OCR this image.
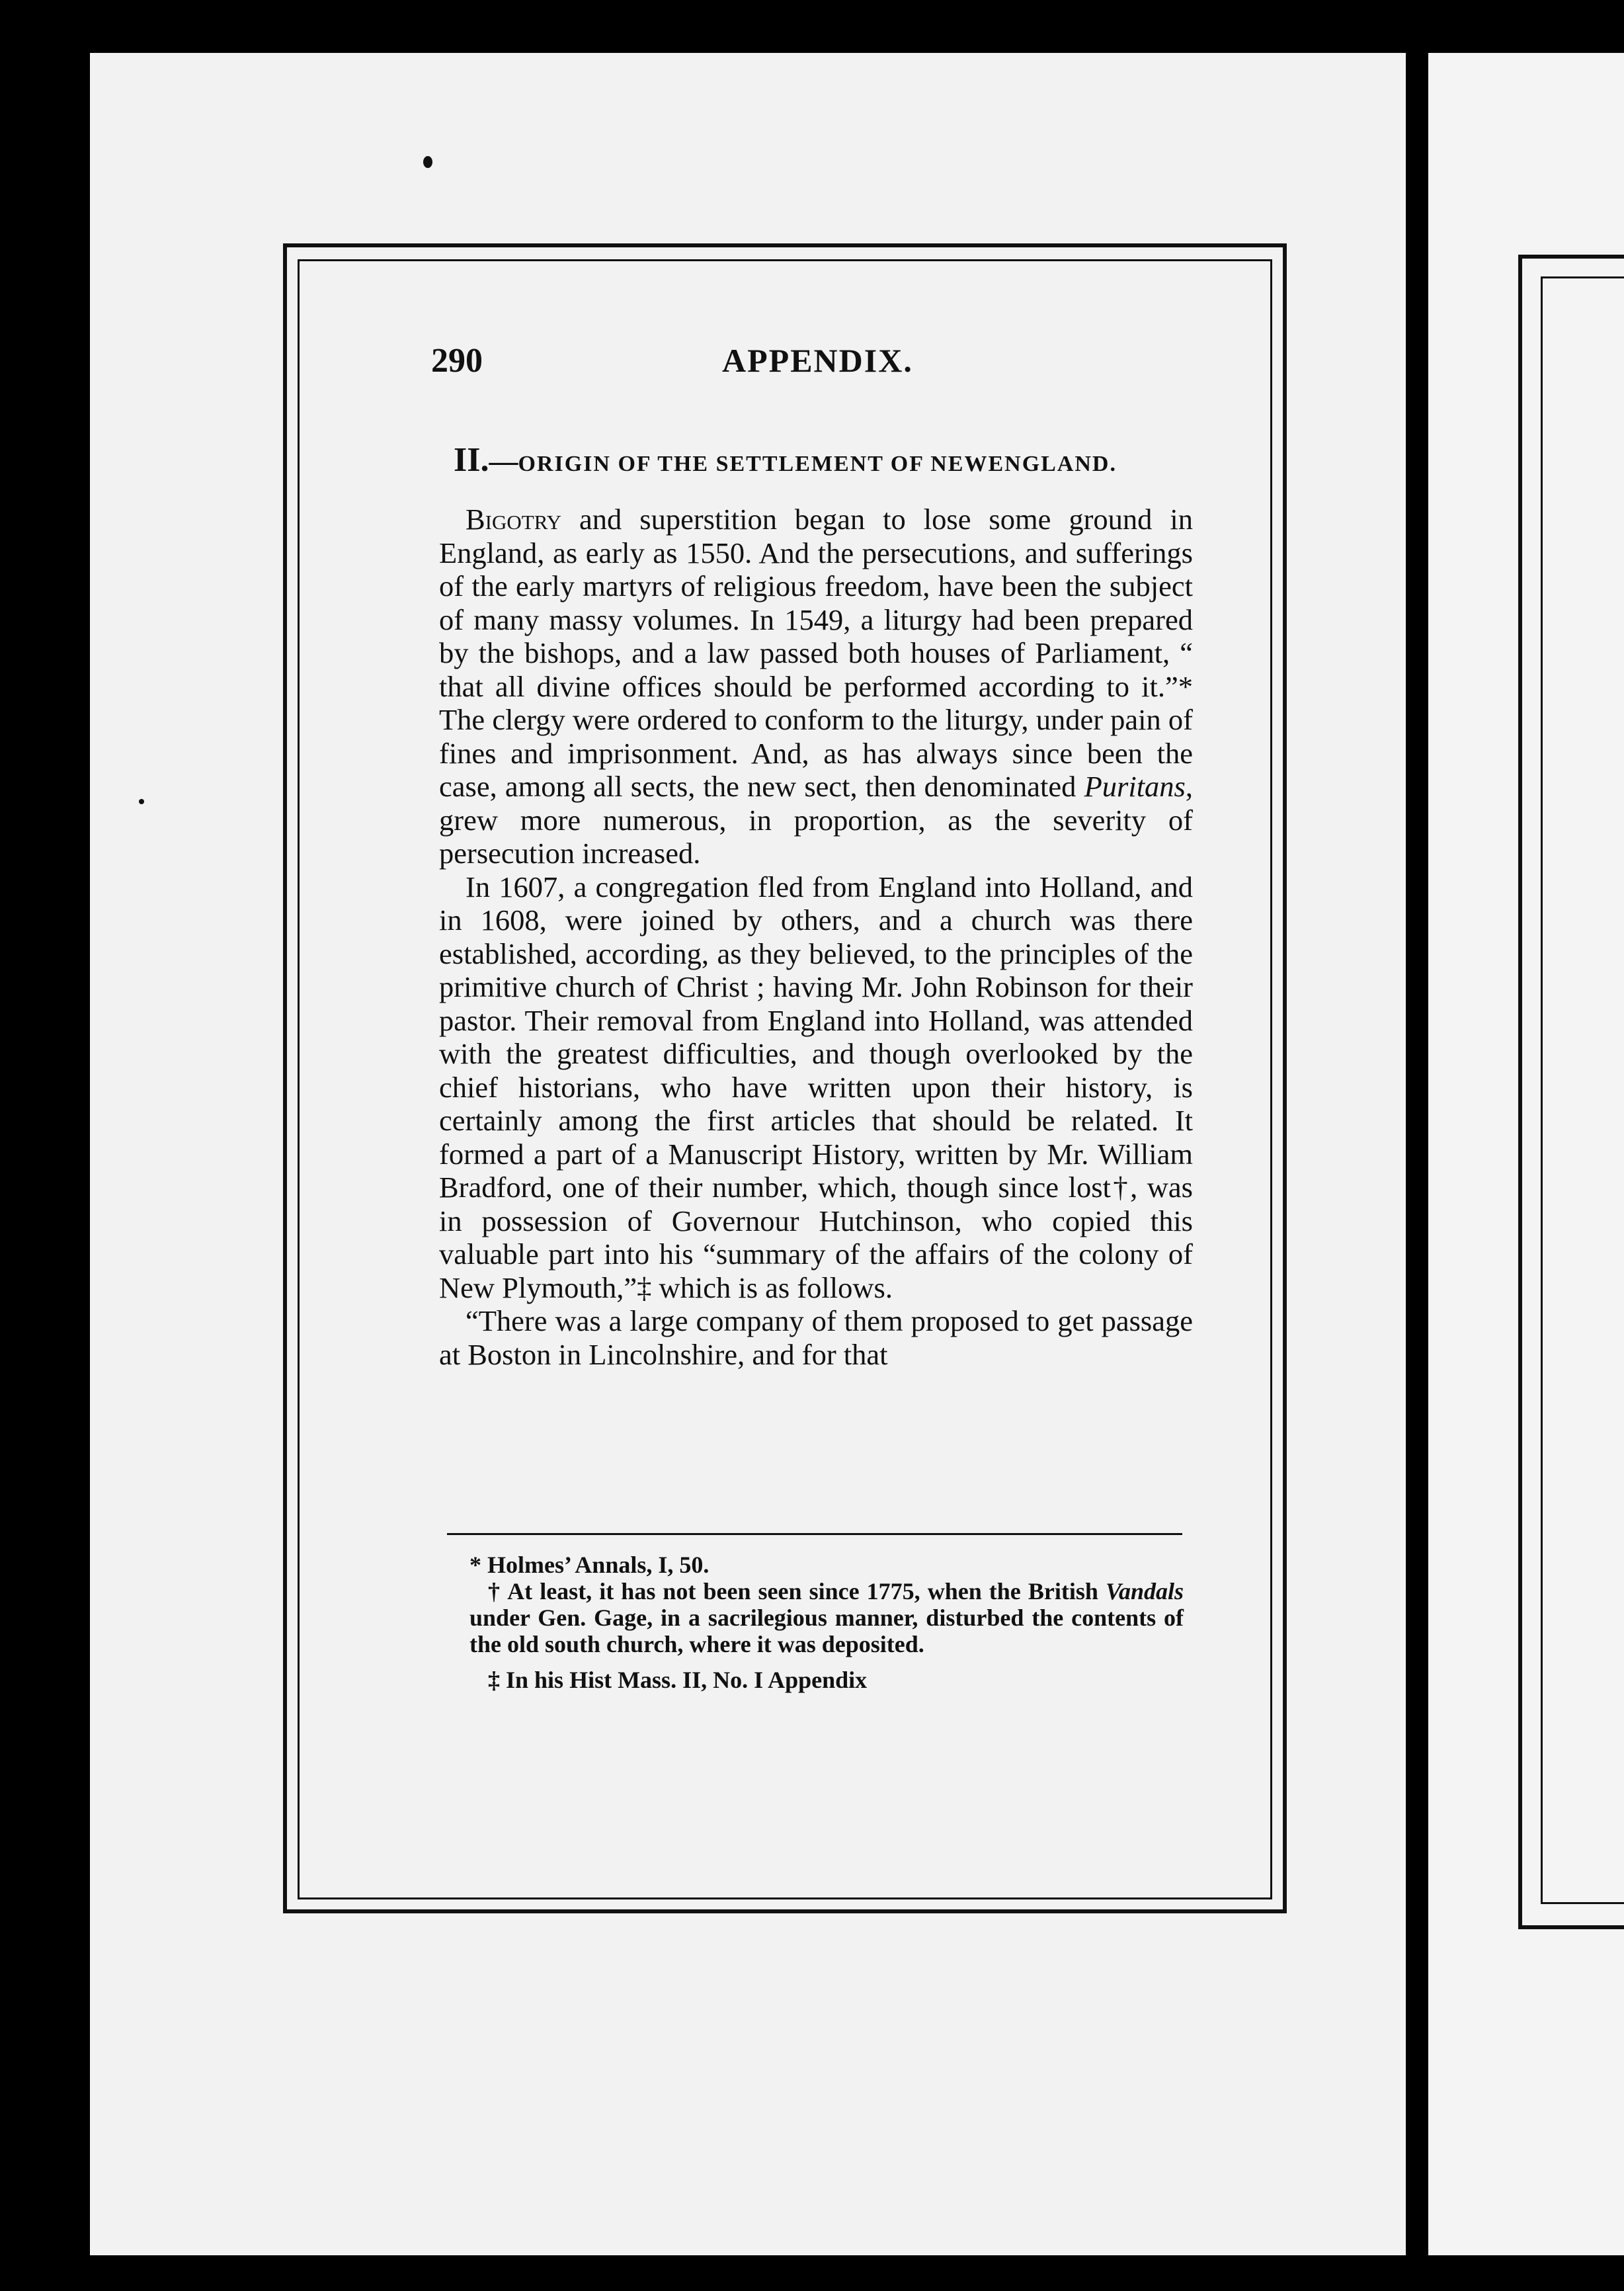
290	APPENDIX.
II.—ORIGIN OF THE SETTLEMENT OF NEWENGLAND.

Bigotry and superstition began to lose some ground in England, as early as 1550. And the persecutions, and sufferings of the early martyrs of religious freedom, have been the subject of many massy volumes. In 1549, a liturgy had been prepared by the bishops, and a law passed both houses of Parliament, “ that all divine offices should be performed according to it.”* The clergy were ordered to conform to the liturgy, under pain of fines and imprisonment. And, as has always since been the case, among all sects, the new sect, then denominated Puritans, grew more numerous, in proportion, as the severity of persecution increased.

In 1607, a congregation fled from England into Holland, and in 1608, were joined by others, and a church was there established, according, as they believed, to the principles of the primitive church of Christ ; having Mr. John Robinson for their pastor. Their removal from England into Holland, was attended with the greatest difficulties, and though overlooked by the chief historians, who have written upon their history, is certainly among the first articles that should be related. It formed a part of a Manuscript History, written by Mr. William Bradford, one of their number, which, though since lost†, was in possession of Governour Hutchinson, who copied this valuable part into his “summary of the affairs of the colony of New Plymouth,”‡ which is as follows.

“There was a large company of them proposed to get passage at Boston in Lincolnshire, and for that

* Holmes’ Annals, I, 50.

† At least, it has not been seen since 1775, when the British Vandals under Gen. Gage, in a sacrilegious manner, disturbed the contents of the old south church, where it was deposited.

‡ In his Hist Mass. II, No. I Appendix
